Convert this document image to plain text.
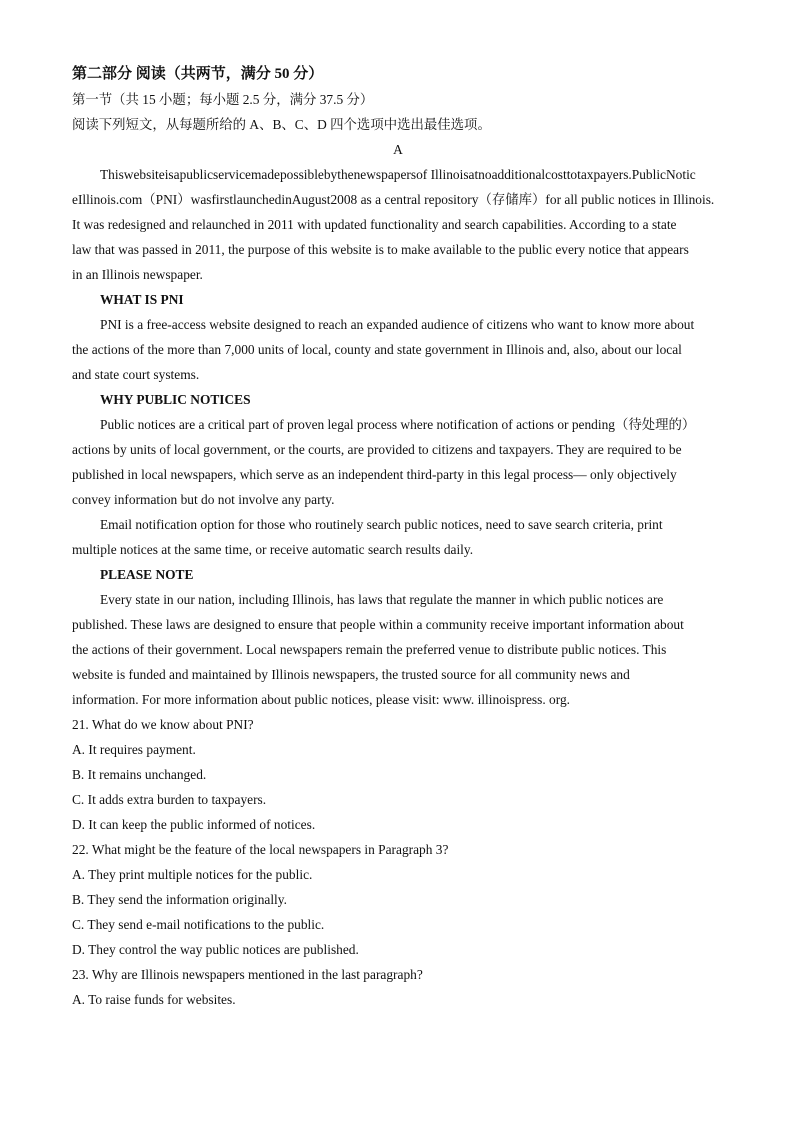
第二部分 阅读（共两节，满分 50 分）
第一节（共 15 小题；每小题 2.5 分，满分 37.5 分）
阅读下列短文，从每题所给的 A、B、C、D 四个选项中选出最佳选项。
A
Thiswebsiteisapublicservicemadepossiblebythenewspapersof Illinoisatnoadditionalcosttotaxpayers.PublicNotic
eIllinois.com（PNI）wasfirstlaunchedinAugust2008 as a central repository（存储库）for all public notices in Illinois.
It was redesigned and relaunched in 2011 with updated functionality and search capabilities. According to a state
law that was passed in 2011, the purpose of this website is to make available to the public every notice that appears
in an Illinois newspaper.
WHAT IS PNI
PNI is a free-access website designed to reach an expanded audience of citizens who want to know more about
the actions of the more than 7,000 units of local, county and state government in Illinois and, also, about our local
and state court systems.
WHY PUBLIC NOTICES
Public notices are a critical part of proven legal process where notification of actions or pending（待处理的）
actions by units of local government, or the courts, are provided to citizens and taxpayers. They are required to be
published in local newspapers, which serve as an independent third-party in this legal process— only objectively
convey information but do not involve any party.
Email notification option for those who routinely search public notices, need to save search criteria, print
multiple notices at the same time, or receive automatic search results daily.
PLEASE NOTE
Every state in our nation, including Illinois, has laws that regulate the manner in which public notices are
published. These laws are designed to ensure that people within a community receive important information about
the actions of their government. Local newspapers remain the preferred venue to distribute public notices. This
website is funded and maintained by Illinois newspapers, the trusted source for all community news and
information. For more information about public notices, please visit: www. illinoispress. org.
21. What do we know about PNI?
A. It requires payment.
B. It remains unchanged.
C. It adds extra burden to taxpayers.
D. It can keep the public informed of notices.
22. What might be the feature of the local newspapers in Paragraph 3?
A. They print multiple notices for the public.
B. They send the information originally.
C. They send e-mail notifications to the public.
D. They control the way public notices are published.
23. Why are Illinois newspapers mentioned in the last paragraph?
A. To raise funds for websites.
